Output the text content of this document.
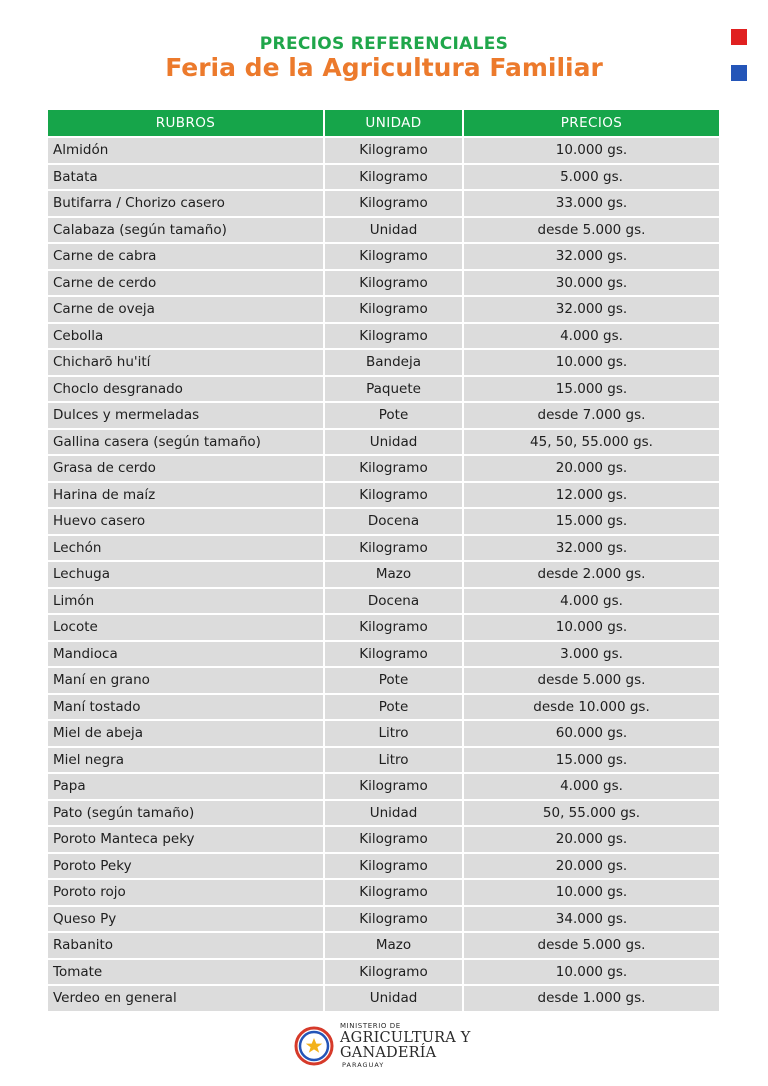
PRECIOS REFERENCIALES
Feria de la Agricultura Familiar
RUBROS	UNIDAD	PRECIOS
Almidón	Kilogramo	10.000 gs.
Batata	Kilogramo	5.000 gs.
Butifarra / Chorizo casero	Kilogramo	33.000 gs.
Calabaza (según tamaño)	Unidad	desde 5.000 gs.
Carne de cabra	Kilogramo	32.000 gs.
Carne de cerdo	Kilogramo	30.000 gs.
Carne de oveja	Kilogramo	32.000 gs.
Cebolla	Kilogramo	4.000 gs.
Chicharõ hu'ití	Bandeja	10.000 gs.
Choclo desgranado	Paquete	15.000 gs.
Dulces y mermeladas	Pote	desde 7.000 gs.
Gallina casera (según tamaño)	Unidad	45, 50, 55.000 gs.
Grasa de cerdo	Kilogramo	20.000 gs.
Harina de maíz	Kilogramo	12.000 gs.
Huevo casero	Docena	15.000 gs.
Lechón	Kilogramo	32.000 gs.
Lechuga	Mazo	desde 2.000 gs.
Limón	Docena	4.000 gs.
Locote	Kilogramo	10.000 gs.
Mandioca	Kilogramo	3.000 gs.
Maní en grano	Pote	desde 5.000 gs.
Maní tostado	Pote	desde 10.000 gs.
Miel de abeja	Litro	60.000 gs.
Miel negra	Litro	15.000 gs.
Papa	Kilogramo	4.000 gs.
Pato (según tamaño)	Unidad	50, 55.000 gs.
Poroto Manteca peky	Kilogramo	20.000 gs.
Poroto Peky	Kilogramo	20.000 gs.
Poroto rojo	Kilogramo	10.000 gs.
Queso Py	Kilogramo	34.000 gs.
Rabanito	Mazo	desde 5.000 gs.
Tomate	Kilogramo	10.000 gs.
Verdeo en general	Unidad	desde 1.000 gs.
MINISTERIO DE
AGRICULTURA Y
GANADERÍA
PARAGUAY
